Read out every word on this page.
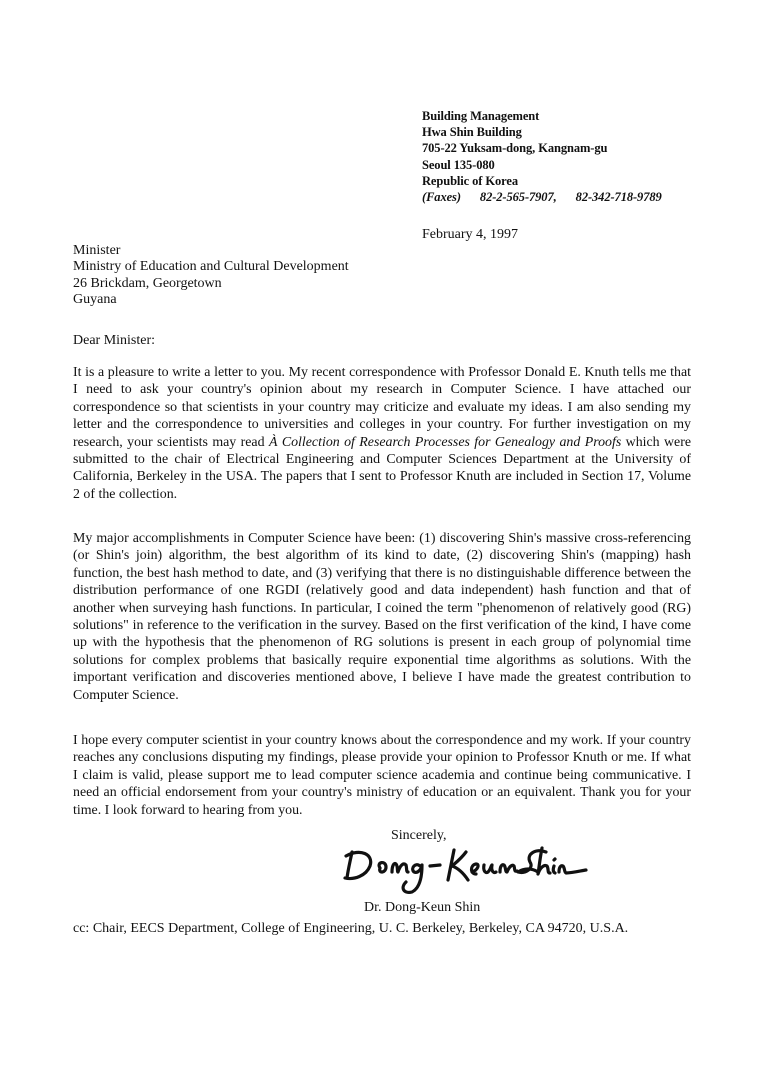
Building Management
Hwa Shin Building
705-22 Yuksam-dong, Kangnam-gu
Seoul 135-080
Republic of Korea
(Faxes) 82-2-565-7907, 82-342-718-9789
February 4, 1997
Minister
Ministry of Education and Cultural Development
26 Brickdam, Georgetown
Guyana
Dear Minister:

It is a pleasure to write a letter to you. My recent correspondence with Professor Donald E. Knuth tells me that I need to ask your country's opinion about my research in Computer Science. I have attached our correspondence so that scientists in your country may criticize and evaluate my ideas. I am also sending my letter and the correspondence to universities and colleges in your country. For further investigation on my research, your scientists may read À Collection of Research Processes for Genealogy and Proofs which were submitted to the chair of Electrical Engineering and Computer Sciences Department at the University of California, Berkeley in the USA. The papers that I sent to Professor Knuth are included in Section 17, Volume 2 of the collection.

My major accomplishments in Computer Science have been: (1) discovering Shin's massive cross-referencing (or Shin's join) algorithm, the best algorithm of its kind to date, (2) discovering Shin's (mapping) hash function, the best hash method to date, and (3) verifying that there is no distinguishable difference between the distribution performance of one RGDI (relatively good and data independent) hash function and that of another when surveying hash functions. In particular, I coined the term "phenomenon of relatively good (RG) solutions" in reference to the verification in the survey. Based on the first verification of the kind, I have come up with the hypothesis that the phenomenon of RG solutions is present in each group of polynomial time solutions for complex problems that basically require exponential time algorithms as solutions. With the important verification and discoveries mentioned above, I believe I have made the greatest contribution to Computer Science.

I hope every computer scientist in your country knows about the correspondence and my work. If your country reaches any conclusions disputing my findings, please provide your opinion to Professor Knuth or me. If what I claim is valid, please support me to lead computer science academia and continue being communicative. I need an official endorsement from your country's ministry of education or an equivalent. Thank you for your time. I look forward to hearing from you.

Sincerely,
Dr. Dong-Keun Shin
cc: Chair, EECS Department, College of Engineering, U. C. Berkeley, Berkeley, CA 94720, U.S.A.
